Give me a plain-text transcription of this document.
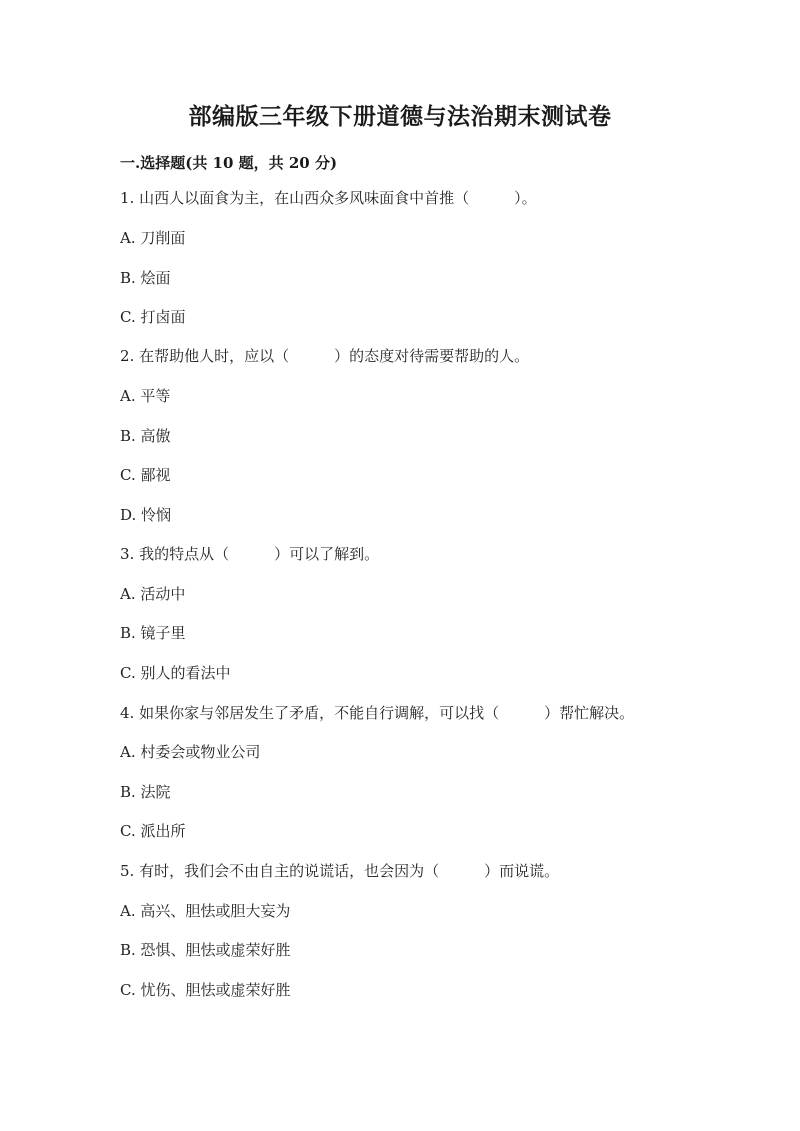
部编版三年级下册道德与法治期末测试卷
一.选择题(共 10 题，共 20 分)
1. 山西人以面食为主，在山西众多风味面食中首推（　　　）。
A. 刀削面
B. 烩面
C. 打卤面
2. 在帮助他人时，应以（　　　）的态度对待需要帮助的人。
A. 平等
B. 高傲
C. 鄙视
D. 怜悯
3. 我的特点从（　　　）可以了解到。
A. 活动中
B. 镜子里
C. 别人的看法中
4. 如果你家与邻居发生了矛盾，不能自行调解，可以找（　　　）帮忙解决。
A. 村委会或物业公司
B. 法院
C. 派出所
5. 有时，我们会不由自主的说谎话，也会因为（　　　）而说谎。
A. 高兴、胆怯或胆大妄为
B. 恐惧、胆怯或虚荣好胜
C. 忧伤、胆怯或虚荣好胜
